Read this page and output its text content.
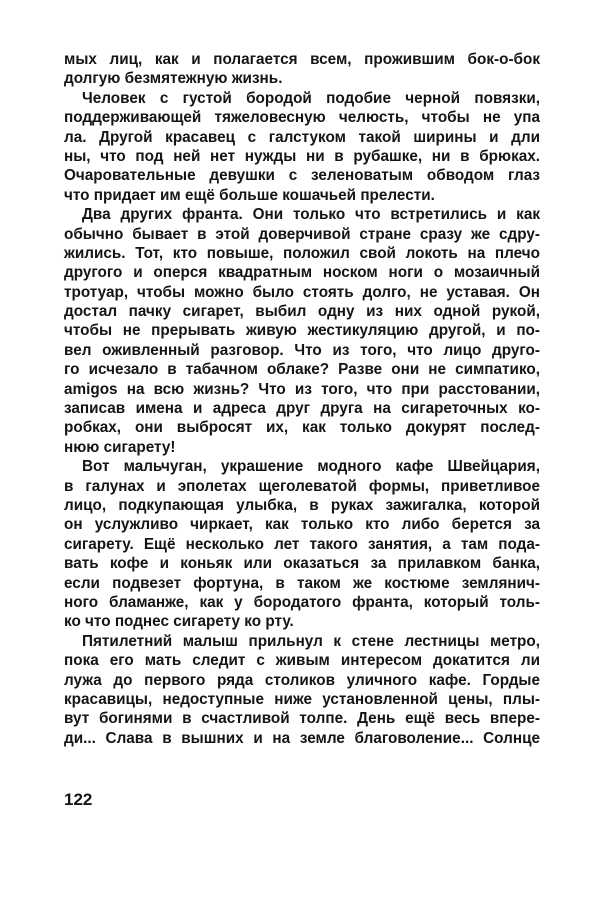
мых лиц, как и полагается всем, прожившим бок-о-бок
долгую безмятежную жизнь.
Человек с густой бородой подобие черной повязки,
поддерживающей тяжеловесную челюсть, чтобы не упа
ла. Другой красавец с галстуком такой ширины и дли
ны, что под ней нет нужды ни в рубашке, ни в брюках.
Очаровательные девушки с зеленоватым обводом глаз
что придает им ещё больше кошачьей прелести.
Два других франта. Они только что встретились и как
обычно бывает в этой доверчивой стране сразу же сдру-
жились. Тот, кто повыше, положил свой локоть на плечо
другого и оперся квадратным носком ноги о мозаичный
тротуар, чтобы можно было стоять долго, не уставая. Он
достал пачку сигарет, выбил одну из них одной рукой,
чтобы не прерывать живую жестикуляцию другой, и по-
вел оживленный разговор. Что из того, что лицо друго-
го исчезало в табачном облаке? Разве они не симпатико,
amigos на всю жизнь? Что из того, что при расстовании,
записав имена и адреса друг друга на сигареточных ко-
робках, они выбросят их, как только докурят послед-
нюю сигарету!
Вот мальчуган, украшение модного кафе Швейцария,
в галунах и эполетах щеголеватой формы, приветливое
лицо, подкупающая улыбка, в руках зажигалка, которой
он услужливо чиркает, как только кто либо берется за
сигарету. Ещё несколько лет такого занятия, а там пода-
вать кофе и коньяк или оказаться за прилавком банка,
если подвезет фортуна, в таком же костюме землянич-
ного бламанже, как у бородатого франта, который толь-
ко что поднес сигарету ко рту.
Пятилетний малыш прильнул к стене лестницы метро,
пока его мать следит с живым интересом докатится ли
лужа до первого ряда столиков уличного кафе. Гордые
красавицы, недоступные ниже установленной цены, плы-
вут богинями в счастливой толпе. День ещё весь впере-
ди... Слава в вышних и на земле благоволение... Солнце
122
